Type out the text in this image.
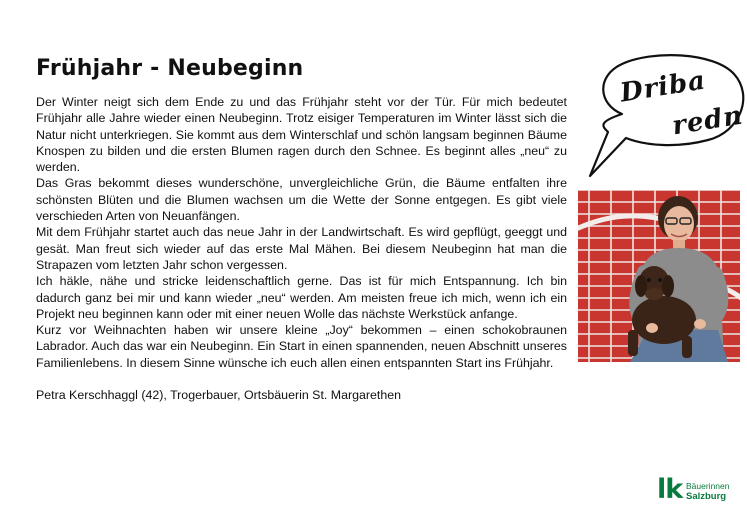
Frühjahr - Neubeginn

Der Winter neigt sich dem Ende zu und das Frühjahr steht vor der Tür. Für mich bedeutet Frühjahr alle Jahre wieder einen Neubeginn. Trotz eisiger Temperaturen im Winter lässt sich die Natur nicht unterkriegen. Sie kommt aus dem Winterschlaf und schön langsam beginnen Bäume Knospen zu bilden und die ersten Blumen ragen durch den Schnee. Es beginnt alles „neu“ zu werden.

Das Gras bekommt dieses wunderschöne, unvergleichliche Grün, die Bäume entfalten ihre schönsten Blüten und die Blumen wachsen um die Wette der Sonne entgegen. Es gibt viele verschieden Arten von Neuanfängen.

Mit dem Frühjahr startet auch das neue Jahr in der Landwirtschaft. Es wird gepflügt, geeggt und gesät. Man freut sich wieder auf das erste Mal Mähen. Bei diesem Neubeginn hat man die Strapazen vom letzten Jahr schon vergessen.

Ich häkle, nähe und stricke leidenschaftlich gerne. Das ist für mich Entspannung. Ich bin dadurch ganz bei mir und kann wieder „neu“ werden. Am meisten freue ich mich, wenn ich ein Projekt neu beginnen kann oder mit einer neuen Wolle das nächste Werkstück anfange.

Kurz vor Weihnachten haben wir unsere kleine „Joy“ bekommen – einen schokobraunen Labrador. Auch das war ein Neubeginn. Ein Start in einen spannenden, neuen Abschnitt unseres Familienlebens. In diesem Sinne wünsche ich euch allen einen entspannten Start ins Frühjahr.

Petra Kerschhaggl (42), Trogerbauer, Ortsbäuerin St. Margarethen

Driba
redn
lk Bäuerinnen
Salzburg
